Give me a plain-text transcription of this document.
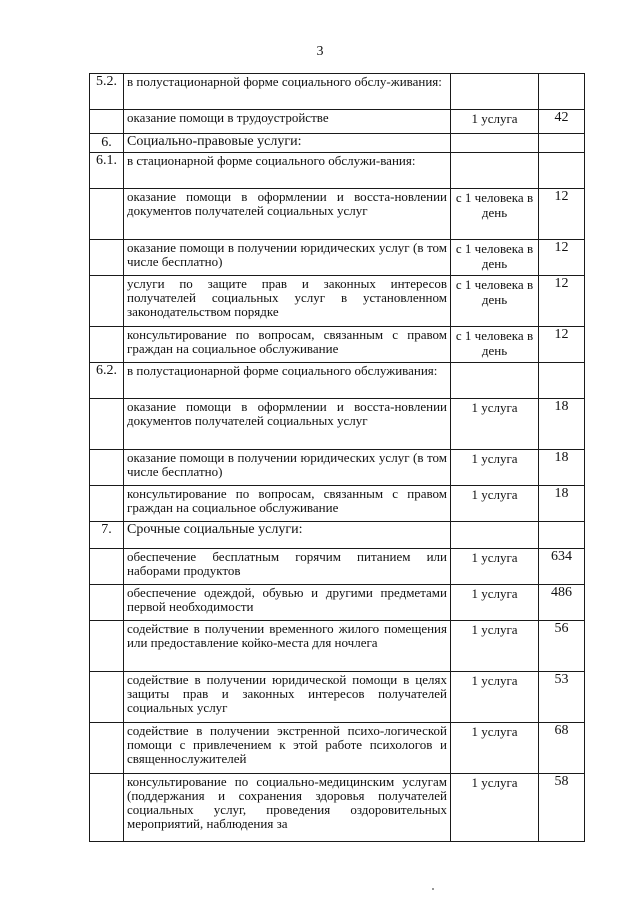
3
5.2.	в полустационарной форме социального обслу-живания:		
	оказание помощи в трудоустройстве	1 услуга	42
6.	Социально-правовые услуги:		
6.1.	в стационарной форме социального обслужи-вания:		
	оказание помощи в оформлении и восста-новлении документов получателей социальных услуг	с 1 человека в день	12
	оказание помощи в получении юридических услуг (в том числе бесплатно)	с 1 человека в день	12
	услуги по защите прав и законных интересов получателей социальных услуг в установленном законодательством порядке	с 1 человека в день	12
	консультирование по вопросам, связанным с правом граждан на социальное обслуживание	с 1 человека в день	12
6.2.	в полустационарной форме социального обслуживания:		
	оказание помощи в оформлении и восста-новлении документов получателей социальных услуг	1 услуга	18
	оказание помощи в получении юридических услуг (в том числе бесплатно)	1 услуга	18
	консультирование по вопросам, связанным с правом граждан на социальное обслуживание	1 услуга	18
7.	Срочные социальные услуги:		
	обеспечение бесплатным горячим питанием или наборами продуктов	1 услуга	634
	обеспечение одеждой, обувью и другими предметами первой необходимости	1 услуга	486
	содействие в получении временного жилого помещения или предоставление койко-места для ночлега	1 услуга	56
	содействие в получении юридической помощи в целях защиты прав и законных интересов получателей социальных услуг	1 услуга	53
	содействие в получении экстренной психо-логической помощи с привлечением к этой работе психологов и священнослужителей	1 услуга	68
	консультирование по социально-медицинским услугам (поддержания и сохранения здоровья получателей социальных услуг, проведения оздоровительных мероприятий, наблюдения за	1 услуга	58
